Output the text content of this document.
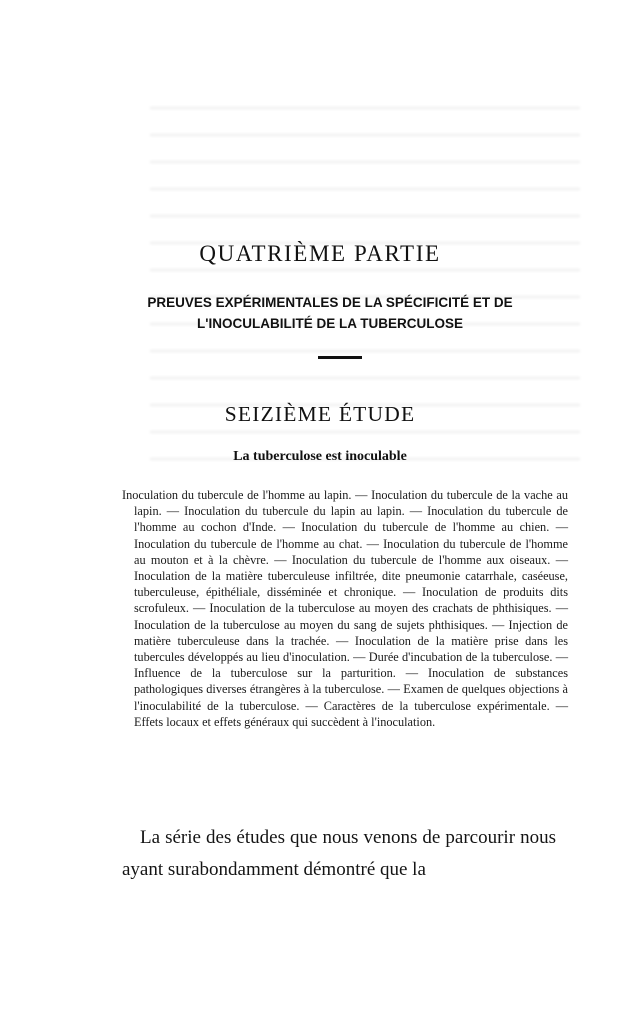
QUATRIÈME PARTIE
PREUVES EXPÉRIMENTALES DE LA SPÉCIFICITÉ ET DE L'INOCULABILITÉ DE LA TUBERCULOSE
SEIZIÈME ÉTUDE
La tuberculose est inoculable
Inoculation du tubercule de l'homme au lapin. — Inoculation du tubercule de la vache au lapin. — Inoculation du tubercule du lapin au lapin. — Inoculation du tubercule de l'homme au cochon d'Inde. — Inoculation du tubercule de l'homme au chien. — Inoculation du tubercule de l'homme au chat. — Inoculation du tubercule de l'homme au mouton et à la chèvre. — Inoculation du tubercule de l'homme aux oiseaux. — Inoculation de la matière tuberculeuse infiltrée, dite pneumonie catarrhale, caséeuse, tuberculeuse, épithéliale, disséminée et chronique. — Inoculation de produits dits scrofuleux. — Inoculation de la tuberculose au moyen des crachats de phthisiques. — Inoculation de la tuberculose au moyen du sang de sujets phthisiques. — Injection de matière tuberculeuse dans la trachée. — Inoculation de la matière prise dans les tubercules développés au lieu d'inoculation. — Durée d'incubation de la tuberculose. — Influence de la tuberculose sur la parturition. — Inoculation de substances pathologiques diverses étrangères à la tuberculose. — Examen de quelques objections à l'inoculabilité de la tuberculose. — Caractères de la tuberculose expérimentale. — Effets locaux et effets généraux qui succèdent à l'inoculation.
La série des études que nous venons de parcourir nous ayant surabondamment démontré que la
